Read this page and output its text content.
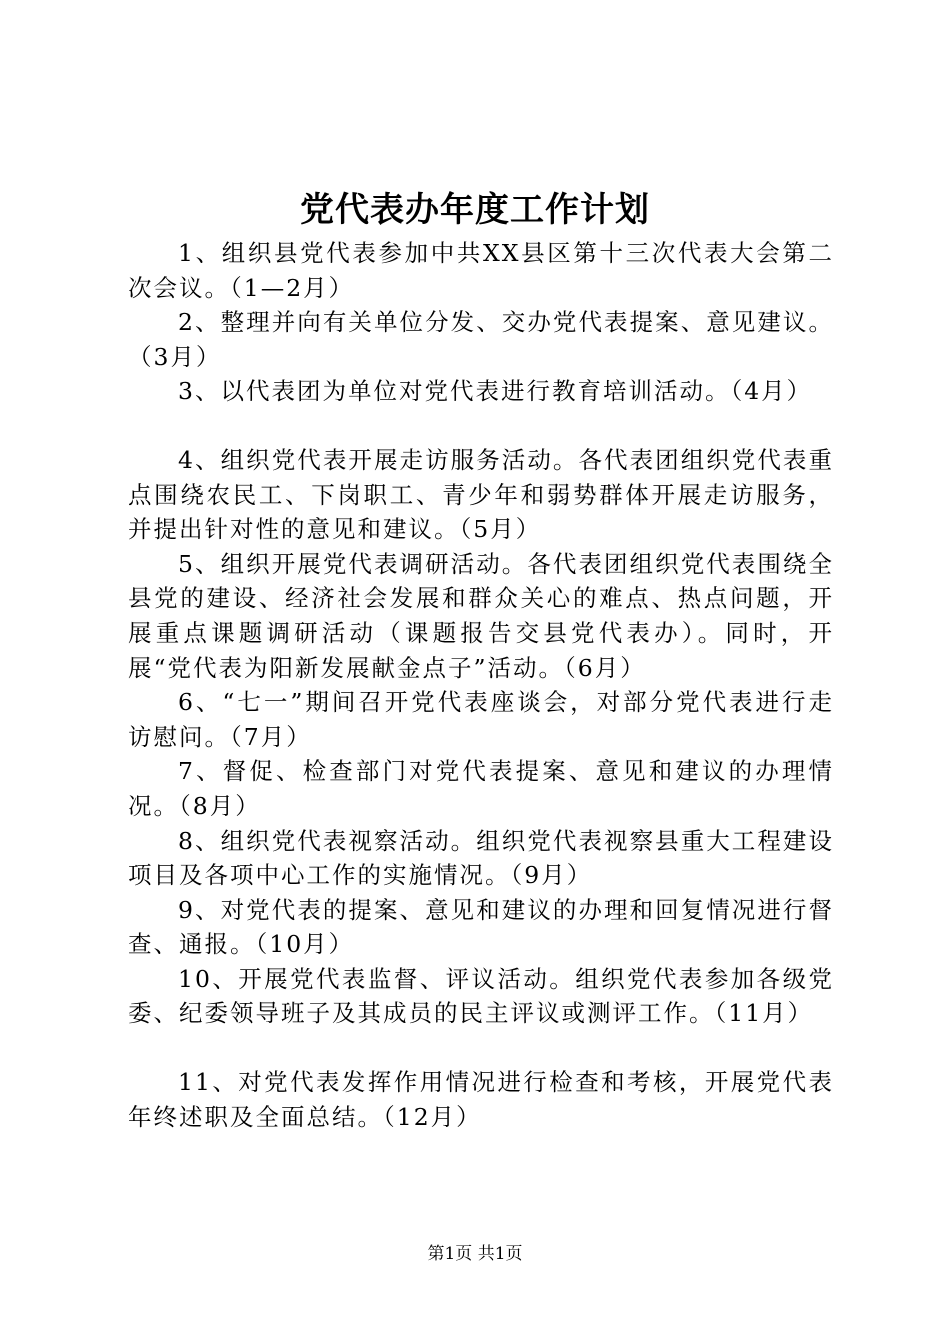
党代表办年度工作计划

1、组织县党代表参加中共XX县区第十三次代表大会第二次会议。（1—2月）

2、整理并向有关单位分发、交办党代表提案、意见建议。（3月）

3、以代表团为单位对党代表进行教育培训活动。（4月）

4、组织党代表开展走访服务活动。各代表团组织党代表重点围绕农民工、下岗职工、青少年和弱势群体开展走访服务，并提出针对性的意见和建议。（5月）

5、组织开展党代表调研活动。各代表团组织党代表围绕全县党的建设、经济社会发展和群众关心的难点、热点问题，开展重点课题调研活动（课题报告交县党代表办）。同时，开展“党代表为阳新发展献金点子”活动。（6月）

6、“七一”期间召开党代表座谈会，对部分党代表进行走访慰问。（7月）

7、督促、检查部门对党代表提案、意见和建议的办理情况。（8月）

8、组织党代表视察活动。组织党代表视察县重大工程建设项目及各项中心工作的实施情况。（9月）

9、对党代表的提案、意见和建议的办理和回复情况进行督查、通报。（10月）

10、开展党代表监督、评议活动。组织党代表参加各级党委、纪委领导班子及其成员的民主评议或测评工作。（11月）

11、对党代表发挥作用情况进行检查和考核，开展党代表年终述职及全面总结。（12月）

第1页 共1页
